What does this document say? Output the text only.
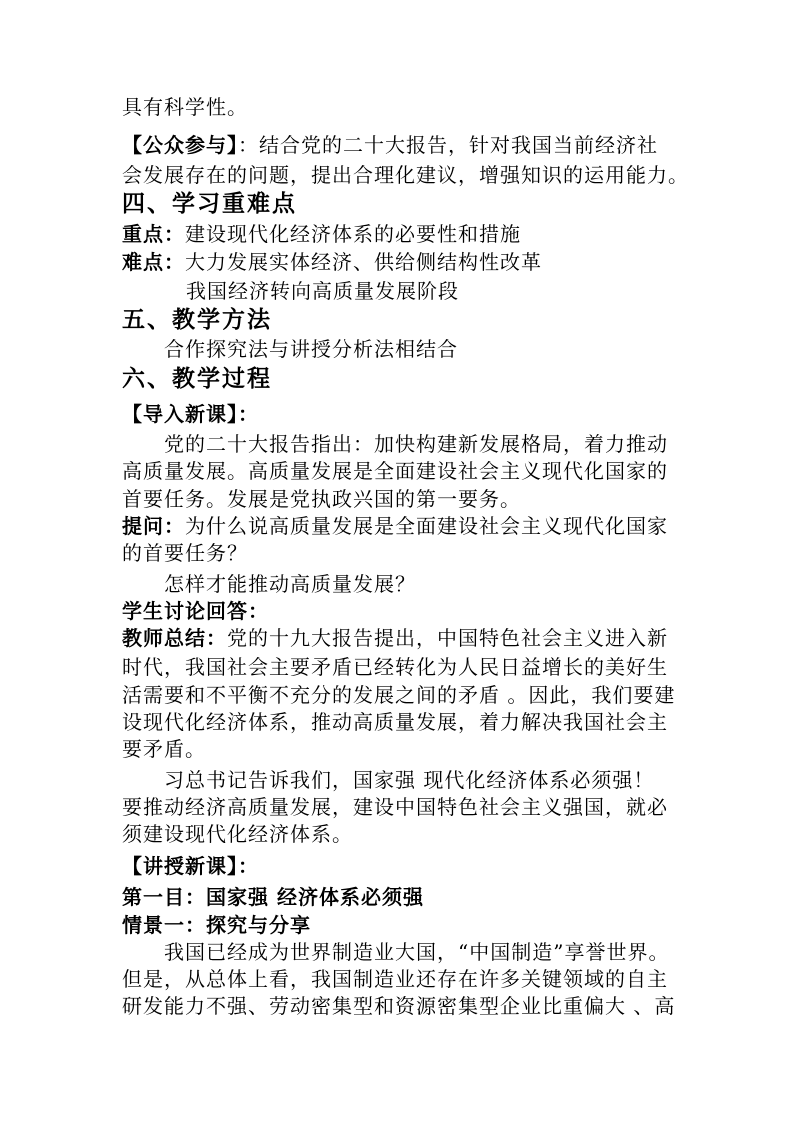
具有科学性。
【公众参与】：结合党的二十大报告，针对我国当前经济社
会发展存在的问题，提出合理化建议，增强知识的运用能力。
四、学习重难点
重点：建设现代化经济体系的必要性和措施
难点：大力发展实体经济、供给侧结构性改革
我国经济转向高质量发展阶段
五、教学方法
合作探究法与讲授分析法相结合
六、教学过程
【导入新课】：
党的二十大报告指出：加快构建新发展格局，着力推动
高质量发展。高质量发展是全面建设社会主义现代化国家的
首要任务。发展是党执政兴国的第一要务。
提问：为什么说高质量发展是全面建设社会主义现代化国家
的首要任务？
怎样才能推动高质量发展？
学生讨论回答：
教师总结：党的十九大报告提出，中国特色社会主义进入新
时代，我国社会主要矛盾已经转化为人民日益增长的美好生
活需要和不平衡不充分的发展之间的矛盾 。因此，我们要建
设现代化经济体系，推动高质量发展，着力解决我国社会主
要矛盾。
习总书记告诉我们，国家强 现代化经济体系必须强！
要推动经济高质量发展，建设中国特色社会主义强国，就必
须建设现代化经济体系。
【讲授新课】：
第一目：国家强 经济体系必须强
情景一：探究与分享
我国已经成为世界制造业大国，“中国制造”享誉世界。
但是，从总体上看，我国制造业还存在许多关键领域的自主
研发能力不强、劳动密集型和资源密集型企业比重偏大 、高
